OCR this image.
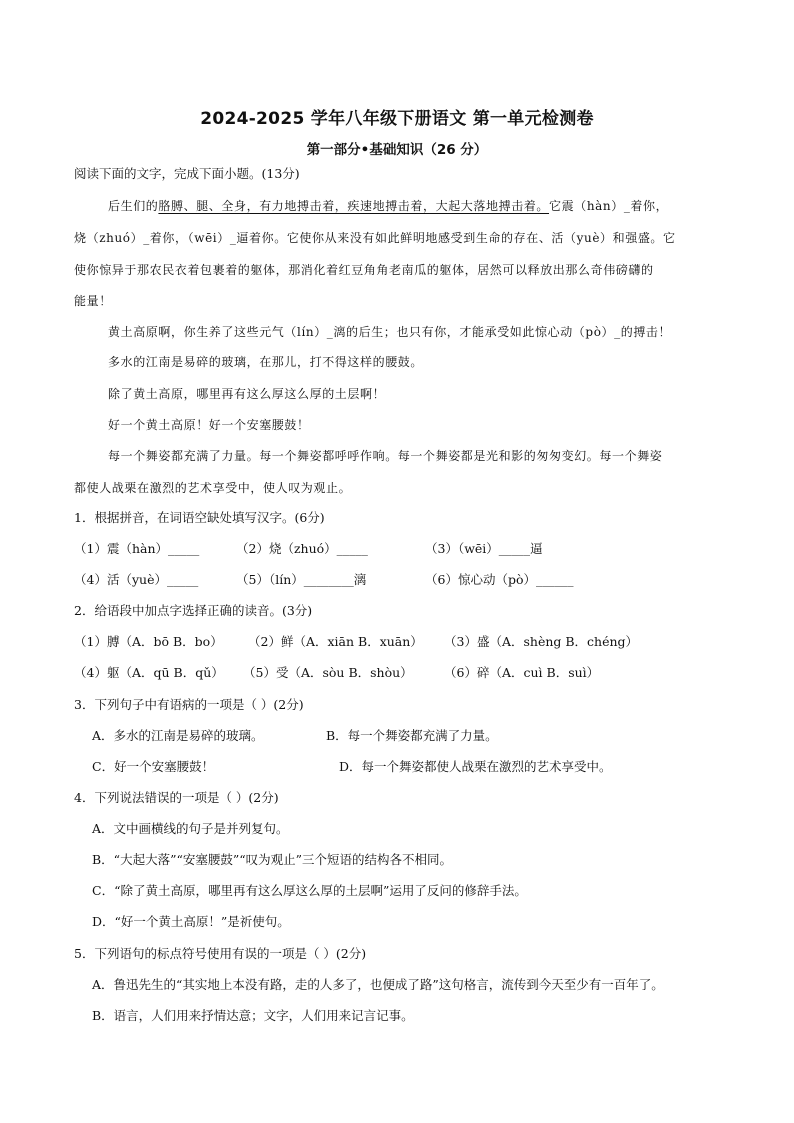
2024-2025 学年八年级下册语文 第一单元检测卷
第一部分•基础知识（26 分）
阅读下面的文字，完成下面小题。(13分)
后生们的胳膊、腿、全身，有力地搏击着，疾速地搏击着，大起大落地搏击着。它震（hàn）_着你，
烧（zhuó）_着你，（wēi）_逼着你。它使你从来没有如此鲜明地感受到生命的存在、活（yuè）和强盛。它
使你惊异于那农民衣着包裹着的躯体，那消化着红豆角角老南瓜的躯体，居然可以释放出那么奇伟磅礴的
能量！
黄土高原啊，你生养了这些元气（lín）_漓的后生；也只有你，才能承受如此惊心动（pò）_的搏击！
多水的江南是易碎的玻璃，在那儿，打不得这样的腰鼓。
除了黄土高原，哪里再有这么厚这么厚的土层啊！
好一个黄土高原！好一个安塞腰鼓！
每一个舞姿都充满了力量。每一个舞姿都呼呼作响。每一个舞姿都是光和影的匆匆变幻。每一个舞姿
都使人战栗在激烈的艺术享受中，使人叹为观止。
1．根据拼音，在词语空缺处填写汉字。(6分)
（1）震（hàn）_____	（2）烧（zhuó）_____	（3）（wēi）_____逼
（4）活（yuè）_____	（5）（lín）________漓	（6）惊心动（pò）______
2．给语段中加点字选择正确的读音。(3分)
（1）膊（A．bō B．bo） （2）鲜（A．xiān B．xuān） （3）盛（A．shèng B．chéng）
（4）躯（A．qū B．qǔ） （5）受（A．sòu B．shòu）	（6）碎（A．cuì B．suì）
3．下列句子中有语病的一项是（ ）(2分)
A．多水的江南是易碎的玻璃。	B．每一个舞姿都充满了力量。
C．好一个安塞腰鼓！	D．每一个舞姿都使人战栗在激烈的艺术享受中。
4．下列说法错误的一项是（ ）(2分)
A．文中画横线的句子是并列复句。
B．“大起大落”“安塞腰鼓”“叹为观止”三个短语的结构各不相同。
C．“除了黄土高原，哪里再有这么厚这么厚的土层啊”运用了反问的修辞手法。
D．“好一个黄土高原！”是祈使句。
5．下列语句的标点符号使用有误的一项是（ ）(2分)
A．鲁迅先生的“其实地上本没有路，走的人多了，也便成了路”这句格言，流传到今天至少有一百年了。
B．语言，人们用来抒情达意；文字，人们用来记言记事。
